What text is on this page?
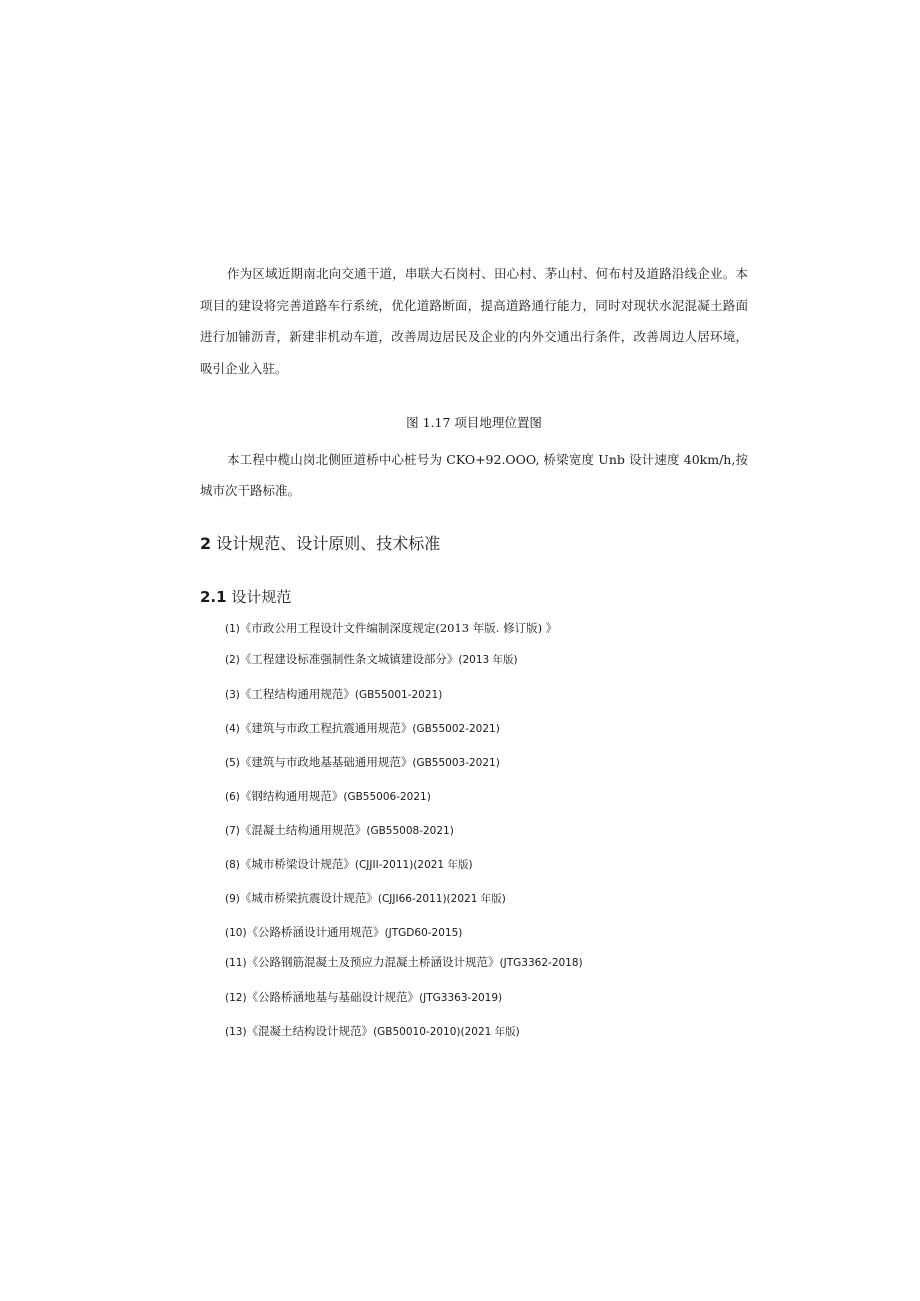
作为区域近期南北向交通干道，串联大石岗村、田心村、茅山村、何布村及道路沿线企业。本项目的建设将完善道路车行系统，优化道路断面，提高道路通行能力，同时对现状水泥混凝土路面进行加铺沥青，新建非机动车道，改善周边居民及企业的内外交通出行条件，改善周边人居环境，吸引企业入驻。

图 1.17 项目地理位置图

本工程中榄山岗北侧匝道桥中心桩号为 CKO+92.OOO, 桥梁宽度 Unb 设计速度 40km/h,按城市次干路标准。

2 设计规范、设计原则、技术标准
2.1 设计规范
(1)《市政公用工程设计文件编制深度规定(2013 年版. 修订版) 》
(2)《工程建设标准强制性条文城镇建设部分》(2013 年版)
(3)《工程结构通用规范》(GB55001-2021)
(4)《建筑与市政工程抗震通用规范》(GB55002-2021)
(5)《建筑与市政地基基础通用规范》(GB55003-2021)
(6)《钢结构通用规范》(GB55006-2021)
(7)《混凝土结构通用规范》(GB55008-2021)
(8)《城市桥梁设计规范》(CJJII-2011)(2021 年版)
(9)《城市桥梁抗震设计规范》(CJJI66-2011)(2021 年版)
(10)《公路桥涵设计通用规范》(JTGD60-2015)
(11)《公路钢筋混凝土及预应力混凝土桥涵设计规范》(JTG3362-2018)
(12)《公路桥涵地基与基础设计规范》(JTG3363-2019)
(13)《混凝土结构设计规范》(GB50010-2010)(2021 年版)
